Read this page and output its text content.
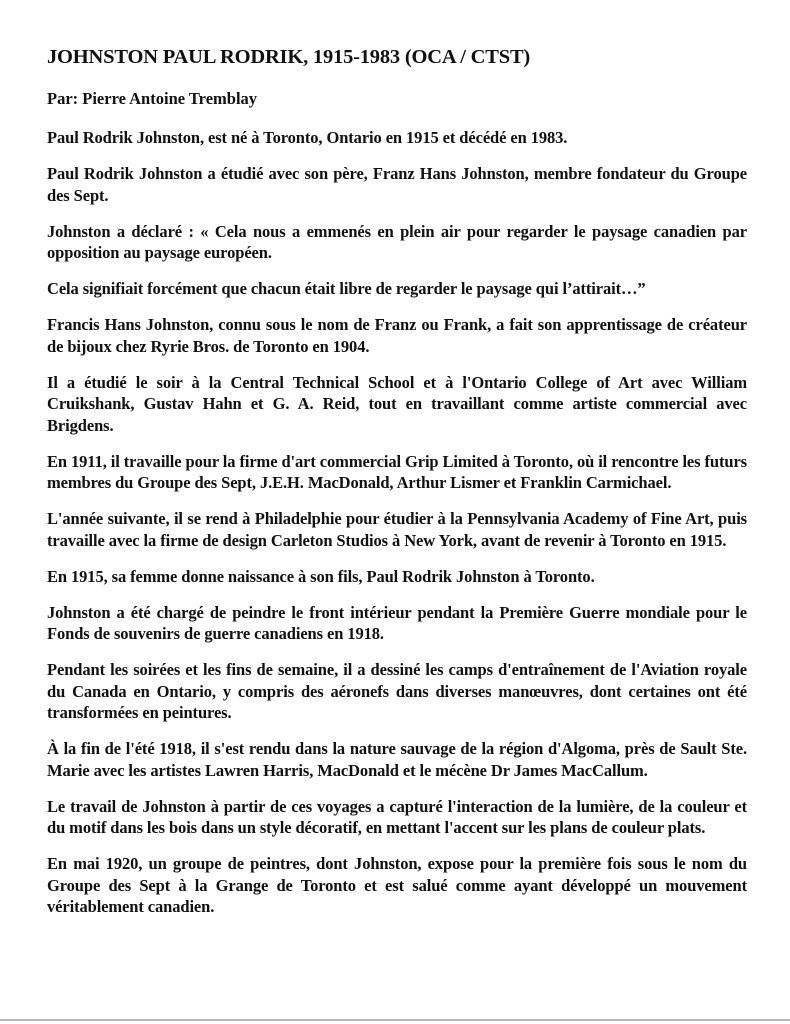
JOHNSTON PAUL RODRIK, 1915-1983 (OCA / CTST)
Par: Pierre Antoine Tremblay

Paul Rodrik Johnston, est né à Toronto, Ontario en 1915 et décédé en 1983.

Paul Rodrik Johnston a étudié avec son père, Franz Hans Johnston, membre fondateur du Groupe des Sept.

Johnston a déclaré : « Cela nous a emmenés en plein air pour regarder le paysage canadien par opposition au paysage européen.

Cela signifiait forcément que chacun était libre de regarder le paysage qui l’attirait…”

Francis Hans Johnston, connu sous le nom de Franz ou Frank, a fait son apprentissage de créateur de bijoux chez Ryrie Bros. de Toronto en 1904.

Il a étudié le soir à la Central Technical School et à l'Ontario College of Art avec William Cruikshank, Gustav Hahn et G. A. Reid, tout en travaillant comme artiste commercial avec Brigdens.

En 1911, il travaille pour la firme d'art commercial Grip Limited à Toronto, où il rencontre les futurs membres du Groupe des Sept, J.E.H. MacDonald, Arthur Lismer et Franklin Carmichael.

L'année suivante, il se rend à Philadelphie pour étudier à la Pennsylvania Academy of Fine Art, puis travaille avec la firme de design Carleton Studios à New York, avant de revenir à Toronto en 1915.

En 1915, sa femme donne naissance à son fils, Paul Rodrik Johnston à Toronto.

Johnston a été chargé de peindre le front intérieur pendant la Première Guerre mondiale pour le Fonds de souvenirs de guerre canadiens en 1918.

Pendant les soirées et les fins de semaine, il a dessiné les camps d'entraînement de l'Aviation royale du Canada en Ontario, y compris des aéronefs dans diverses manœuvres, dont certaines ont été transformées en peintures.

À la fin de l'été 1918, il s'est rendu dans la nature sauvage de la région d'Algoma, près de Sault Ste. Marie avec les artistes Lawren Harris, MacDonald et le mécène Dr James MacCallum.

Le travail de Johnston à partir de ces voyages a capturé l'interaction de la lumière, de la couleur et du motif dans les bois dans un style décoratif, en mettant l'accent sur les plans de couleur plats.

En mai 1920, un groupe de peintres, dont Johnston, expose pour la première fois sous le nom du Groupe des Sept à la Grange de Toronto et est salué comme ayant développé un mouvement véritablement canadien.
